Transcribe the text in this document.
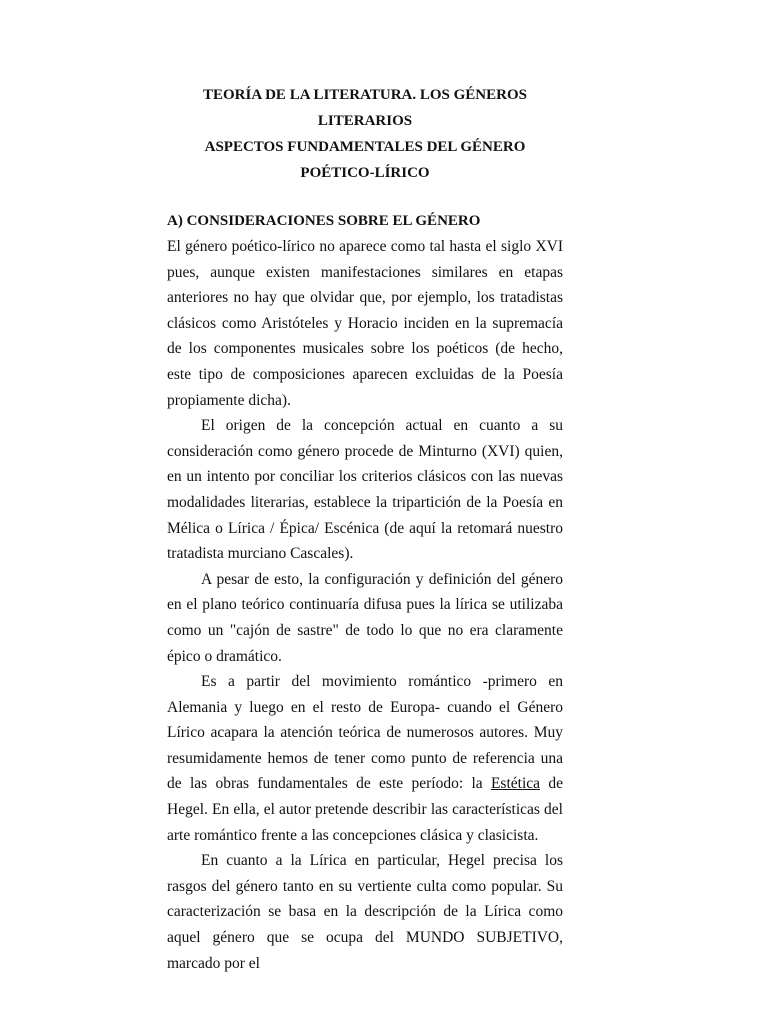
TEORÍA DE LA LITERATURA. LOS GÉNEROS

LITERARIOS

ASPECTOS FUNDAMENTALES DEL GÉNERO

POÉTICO-LÍRICO

A) CONSIDERACIONES SOBRE EL GÉNERO

El género poético-lírico no aparece como tal hasta el siglo XVI pues, aunque existen manifestaciones similares en etapas anteriores no hay que olvidar que, por ejemplo, los tratadistas clásicos como Aristóteles y Horacio inciden en la supremacía de los componentes musicales sobre los poéticos (de hecho, este tipo de composiciones aparecen excluidas de la Poesía propiamente dicha).

El origen de la concepción actual en cuanto a su consideración como género procede de Minturno (XVI) quien, en un intento por conciliar los criterios clásicos con las nuevas modalidades literarias, establece la tripartición de la Poesía en Mélica o Lírica / Épica/ Escénica (de aquí la retomará nuestro tratadista murciano Cascales).

A pesar de esto, la configuración y definición del género en el plano teórico continuaría difusa pues la lírica se utilizaba como un "cajón de sastre" de todo lo que no era claramente épico o dramático.

Es a partir del movimiento romántico -primero en Alemania y luego en el resto de Europa- cuando el Género Lírico acapara la atención teórica de numerosos autores. Muy resumidamente hemos de tener como punto de referencia una de las obras fundamentales de este período: la Estética de Hegel. En ella, el autor pretende describir las características del arte romántico frente a las concepciones clásica y clasicista.

En cuanto a la Lírica en particular, Hegel precisa los rasgos del género tanto en su vertiente culta como popular. Su caracterización se basa en la descripción de la Lírica como aquel género que se ocupa del MUNDO SUBJETIVO, marcado por el
